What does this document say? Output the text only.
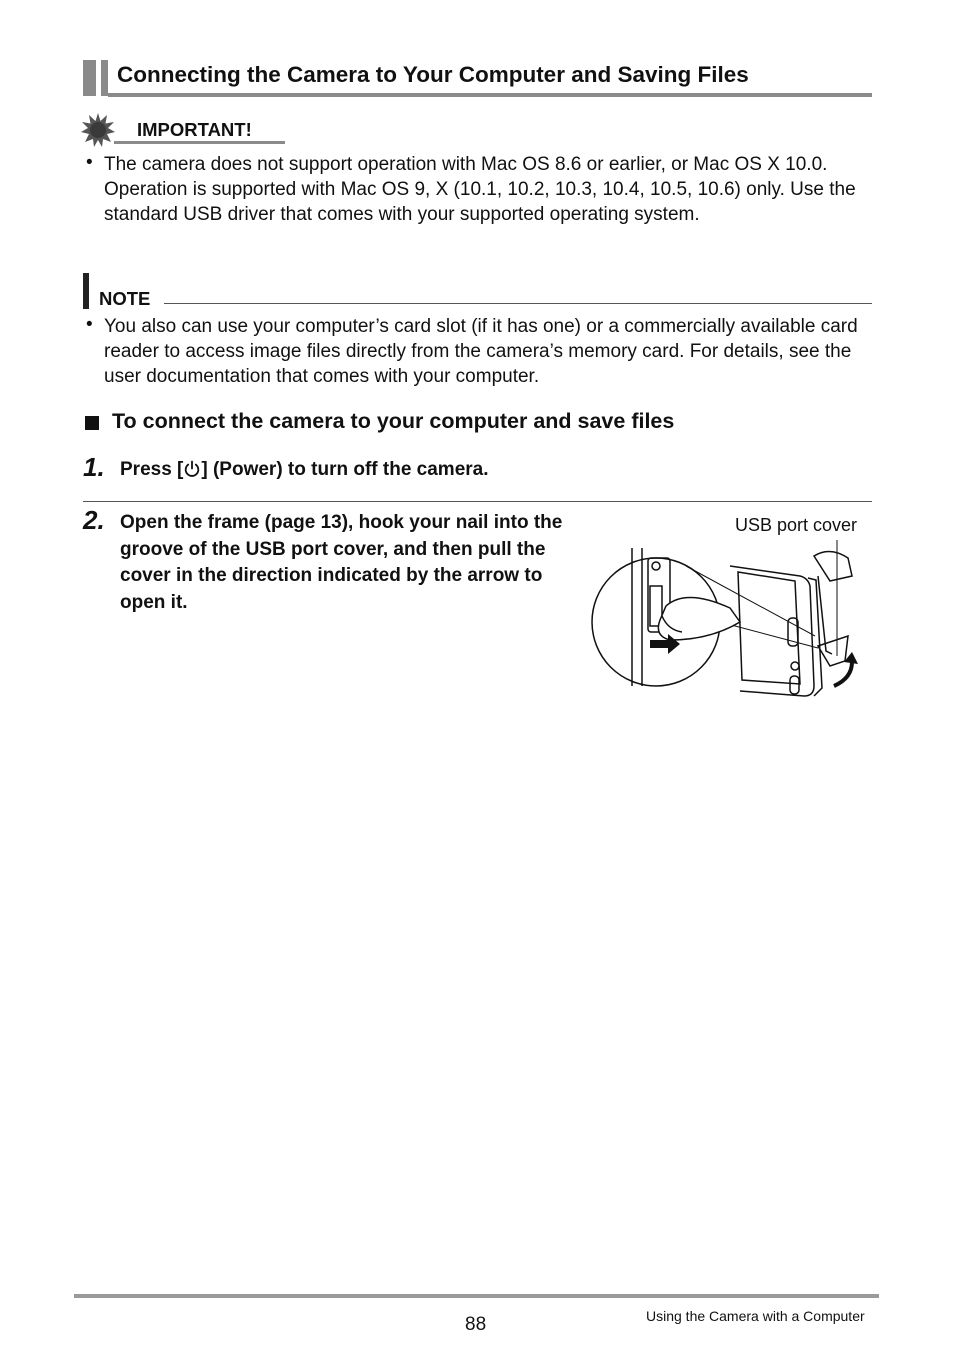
Connecting the Camera to Your Computer and Saving Files
IMPORTANT!
• The camera does not support operation with Mac OS 8.6 or earlier, or Mac OS X 10.0. Operation is supported with Mac OS 9, X (10.1, 10.2, 10.3, 10.4, 10.5, 10.6) only. Use the standard USB driver that comes with your supported operating system.
NOTE
• You also can use your computer’s card slot (if it has one) or a commercially available card reader to access image files directly from the camera’s memory card. For details, see the user documentation that comes with your computer.
To connect the camera to your computer and save files
1. Press [ ] (Power) to turn off the camera.
2. Open the frame (page 13), hook your nail into the groove of the USB port cover, and then pull the cover in the direction indicated by the arrow to open it.
USB port cover
88	Using the Camera with a Computer
